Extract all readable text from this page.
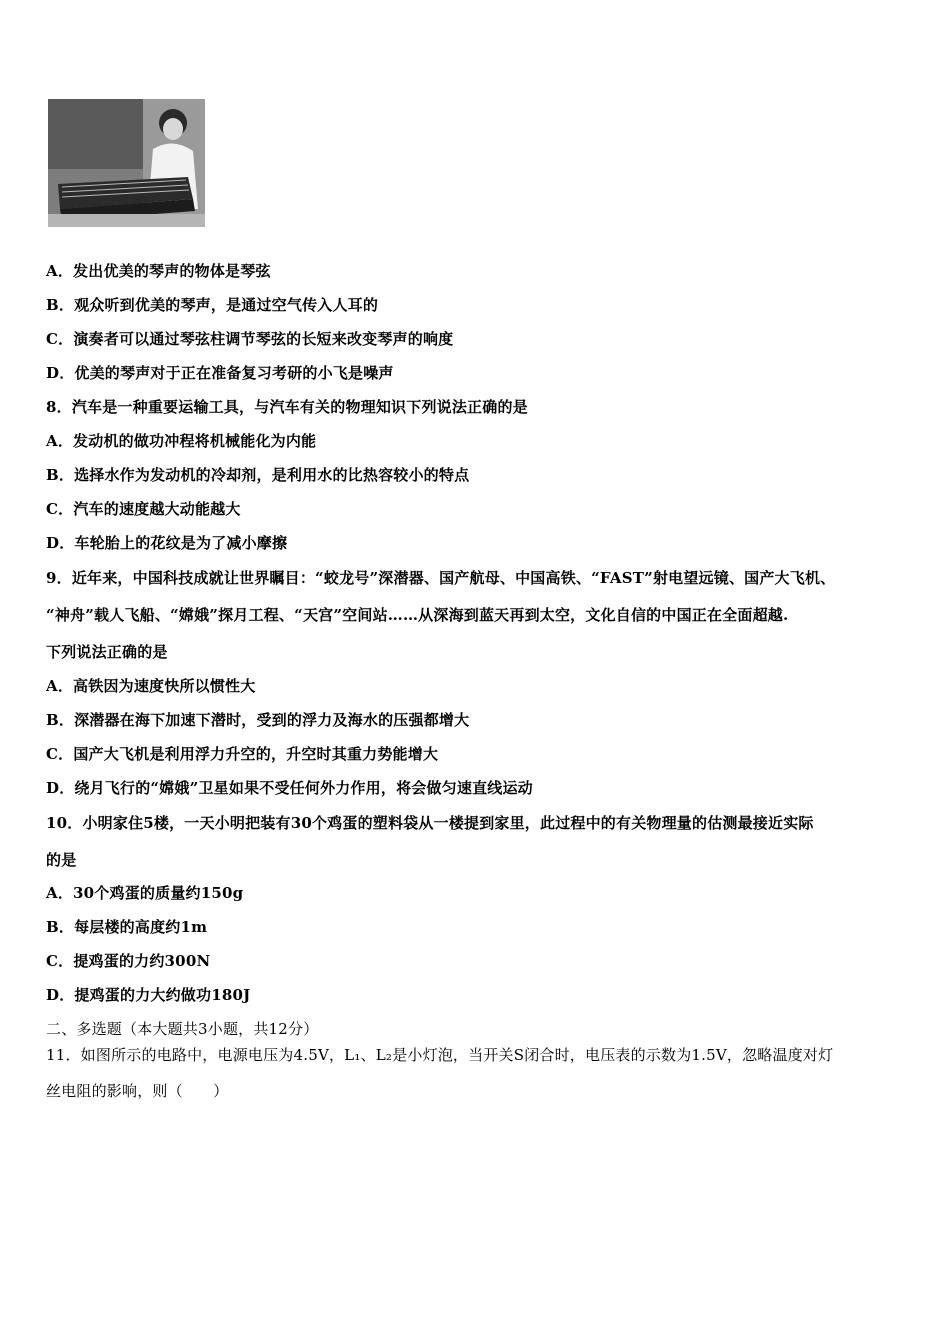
A．发出优美的琴声的物体是琴弦
B．观众听到优美的琴声，是通过空气传入人耳的
C．演奏者可以通过琴弦柱调节琴弦的长短来改变琴声的响度
D．优美的琴声对于正在准备复习考研的小飞是噪声
8．汽车是一种重要运输工具，与汽车有关的物理知识下列说法正确的是
A．发动机的做功冲程将机械能化为内能
B．选择水作为发动机的冷却剂，是利用水的比热容较小的特点
C．汽车的速度越大动能越大
D．车轮胎上的花纹是为了减小摩擦
9．近年来，中国科技成就让世界瞩目：“蛟龙号”深潜器、国产航母、中国高铁、“FAST”射电望远镜、国产大飞机、
“神舟”载人飞船、“嫦娥”探月工程、“天宫”空间站……从深海到蓝天再到太空，文化自信的中国正在全面超越.
下列说法正确的是
A．高铁因为速度快所以惯性大
B．深潜器在海下加速下潜时，受到的浮力及海水的压强都增大
C．国产大飞机是利用浮力升空的，升空时其重力势能增大
D．绕月飞行的“嫦娥”卫星如果不受任何外力作用，将会做匀速直线运动
10．小明家住5楼，一天小明把装有30个鸡蛋的塑料袋从一楼提到家里，此过程中的有关物理量的估测最接近实际
的是
A．30个鸡蛋的质量约150g
B．每层楼的高度约1m
C．提鸡蛋的力约300N
D．提鸡蛋的力大约做功180J
二、多选题（本大题共3小题，共12分）
11．如图所示的电路中，电源电压为4.5V，L₁、L₂是小灯泡，当开关S闭合时，电压表的示数为1.5V，忽略温度对灯
丝电阻的影响，则（　　）
